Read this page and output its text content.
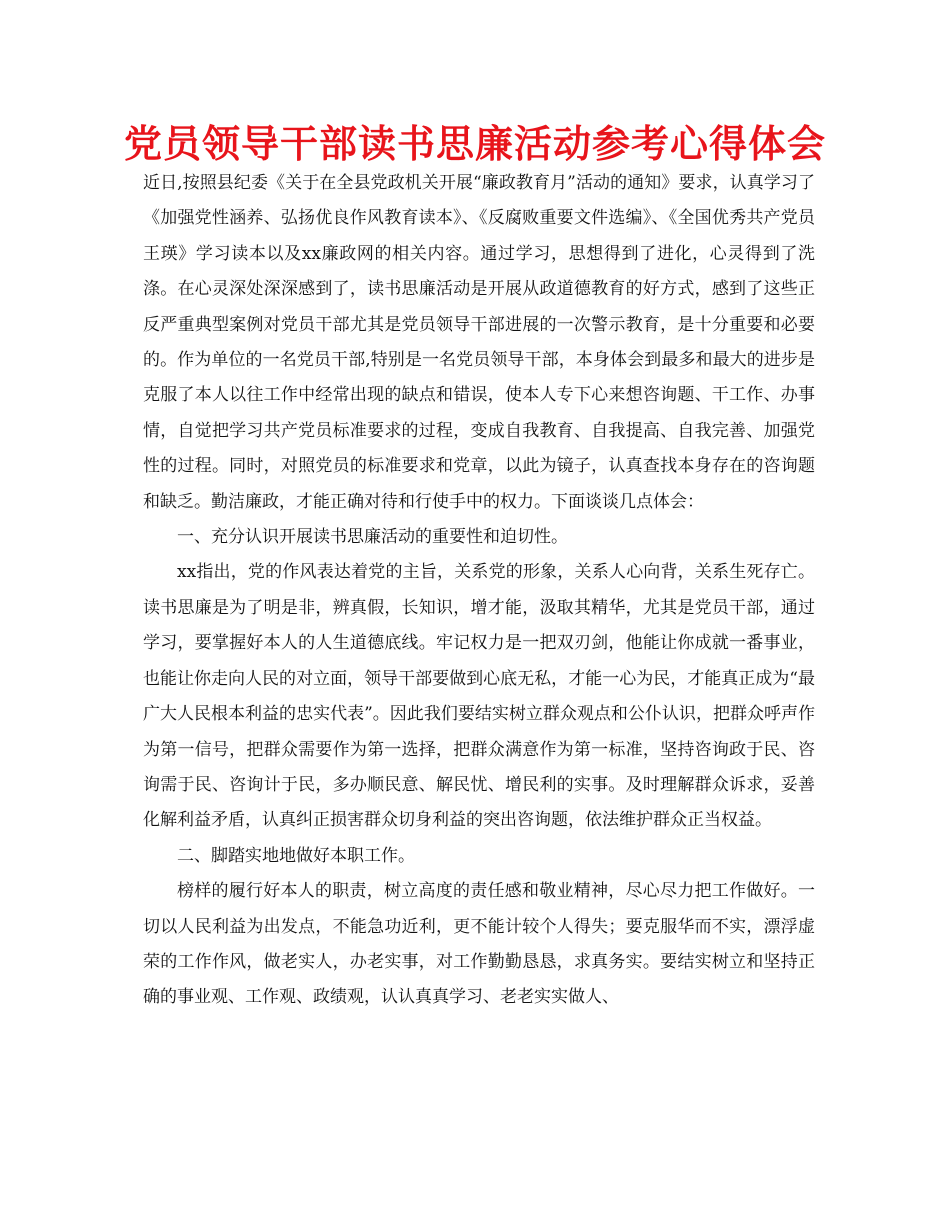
党员领导干部读书思廉活动参考心得体会

近日,按照县纪委《关于在全县党政机关开展“廉政教育月”活动的通知》要求，认真学习了《加强党性涵养、弘扬优良作风教育读本》、《反腐败重要文件选编》、《全国优秀共产党员王瑛》学习读本以及xx廉政网的相关内容。通过学习，思想得到了进化，心灵得到了洗涤。在心灵深处深深感到了，读书思廉活动是开展从政道德教育的好方式，感到了这些正反严重典型案例对党员干部尤其是党员领导干部进展的一次警示教育，是十分重要和必要的。作为单位的一名党员干部,特别是一名党员领导干部，本身体会到最多和最大的进步是克服了本人以往工作中经常出现的缺点和错误，使本人专下心来想咨询题、干工作、办事情，自觉把学习共产党员标准要求的过程，变成自我教育、自我提高、自我完善、加强党性的过程。同时，对照党员的标准要求和党章，以此为镜子，认真查找本身存在的咨询题和缺乏。勤洁廉政，才能正确对待和行使手中的权力。下面谈谈几点体会：

一、充分认识开展读书思廉活动的重要性和迫切性。

xx指出，党的作风表达着党的主旨，关系党的形象，关系人心向背，关系生死存亡。读书思廉是为了明是非，辨真假，长知识，增才能，汲取其精华，尤其是党员干部，通过学习，要掌握好本人的人生道德底线。牢记权力是一把双刃剑，他能让你成就一番事业，也能让你走向人民的对立面，领导干部要做到心底无私，才能一心为民，才能真正成为“最广大人民根本利益的忠实代表”。因此我们要结实树立群众观点和公仆认识，把群众呼声作为第一信号，把群众需要作为第一选择，把群众满意作为第一标准，坚持咨询政于民、咨询需于民、咨询计于民，多办顺民意、解民忧、增民利的实事。及时理解群众诉求，妥善化解利益矛盾，认真纠正损害群众切身利益的突出咨询题，依法维护群众正当权益。

二、脚踏实地地做好本职工作。

榜样的履行好本人的职责，树立高度的责任感和敬业精神，尽心尽力把工作做好。一切以人民利益为出发点，不能急功近利，更不能计较个人得失；要克服华而不实，漂浮虚荣的工作作风，做老实人，办老实事，对工作勤勤恳恳，求真务实。要结实树立和坚持正确的事业观、工作观、政绩观，认认真真学习、老老实实做人、
